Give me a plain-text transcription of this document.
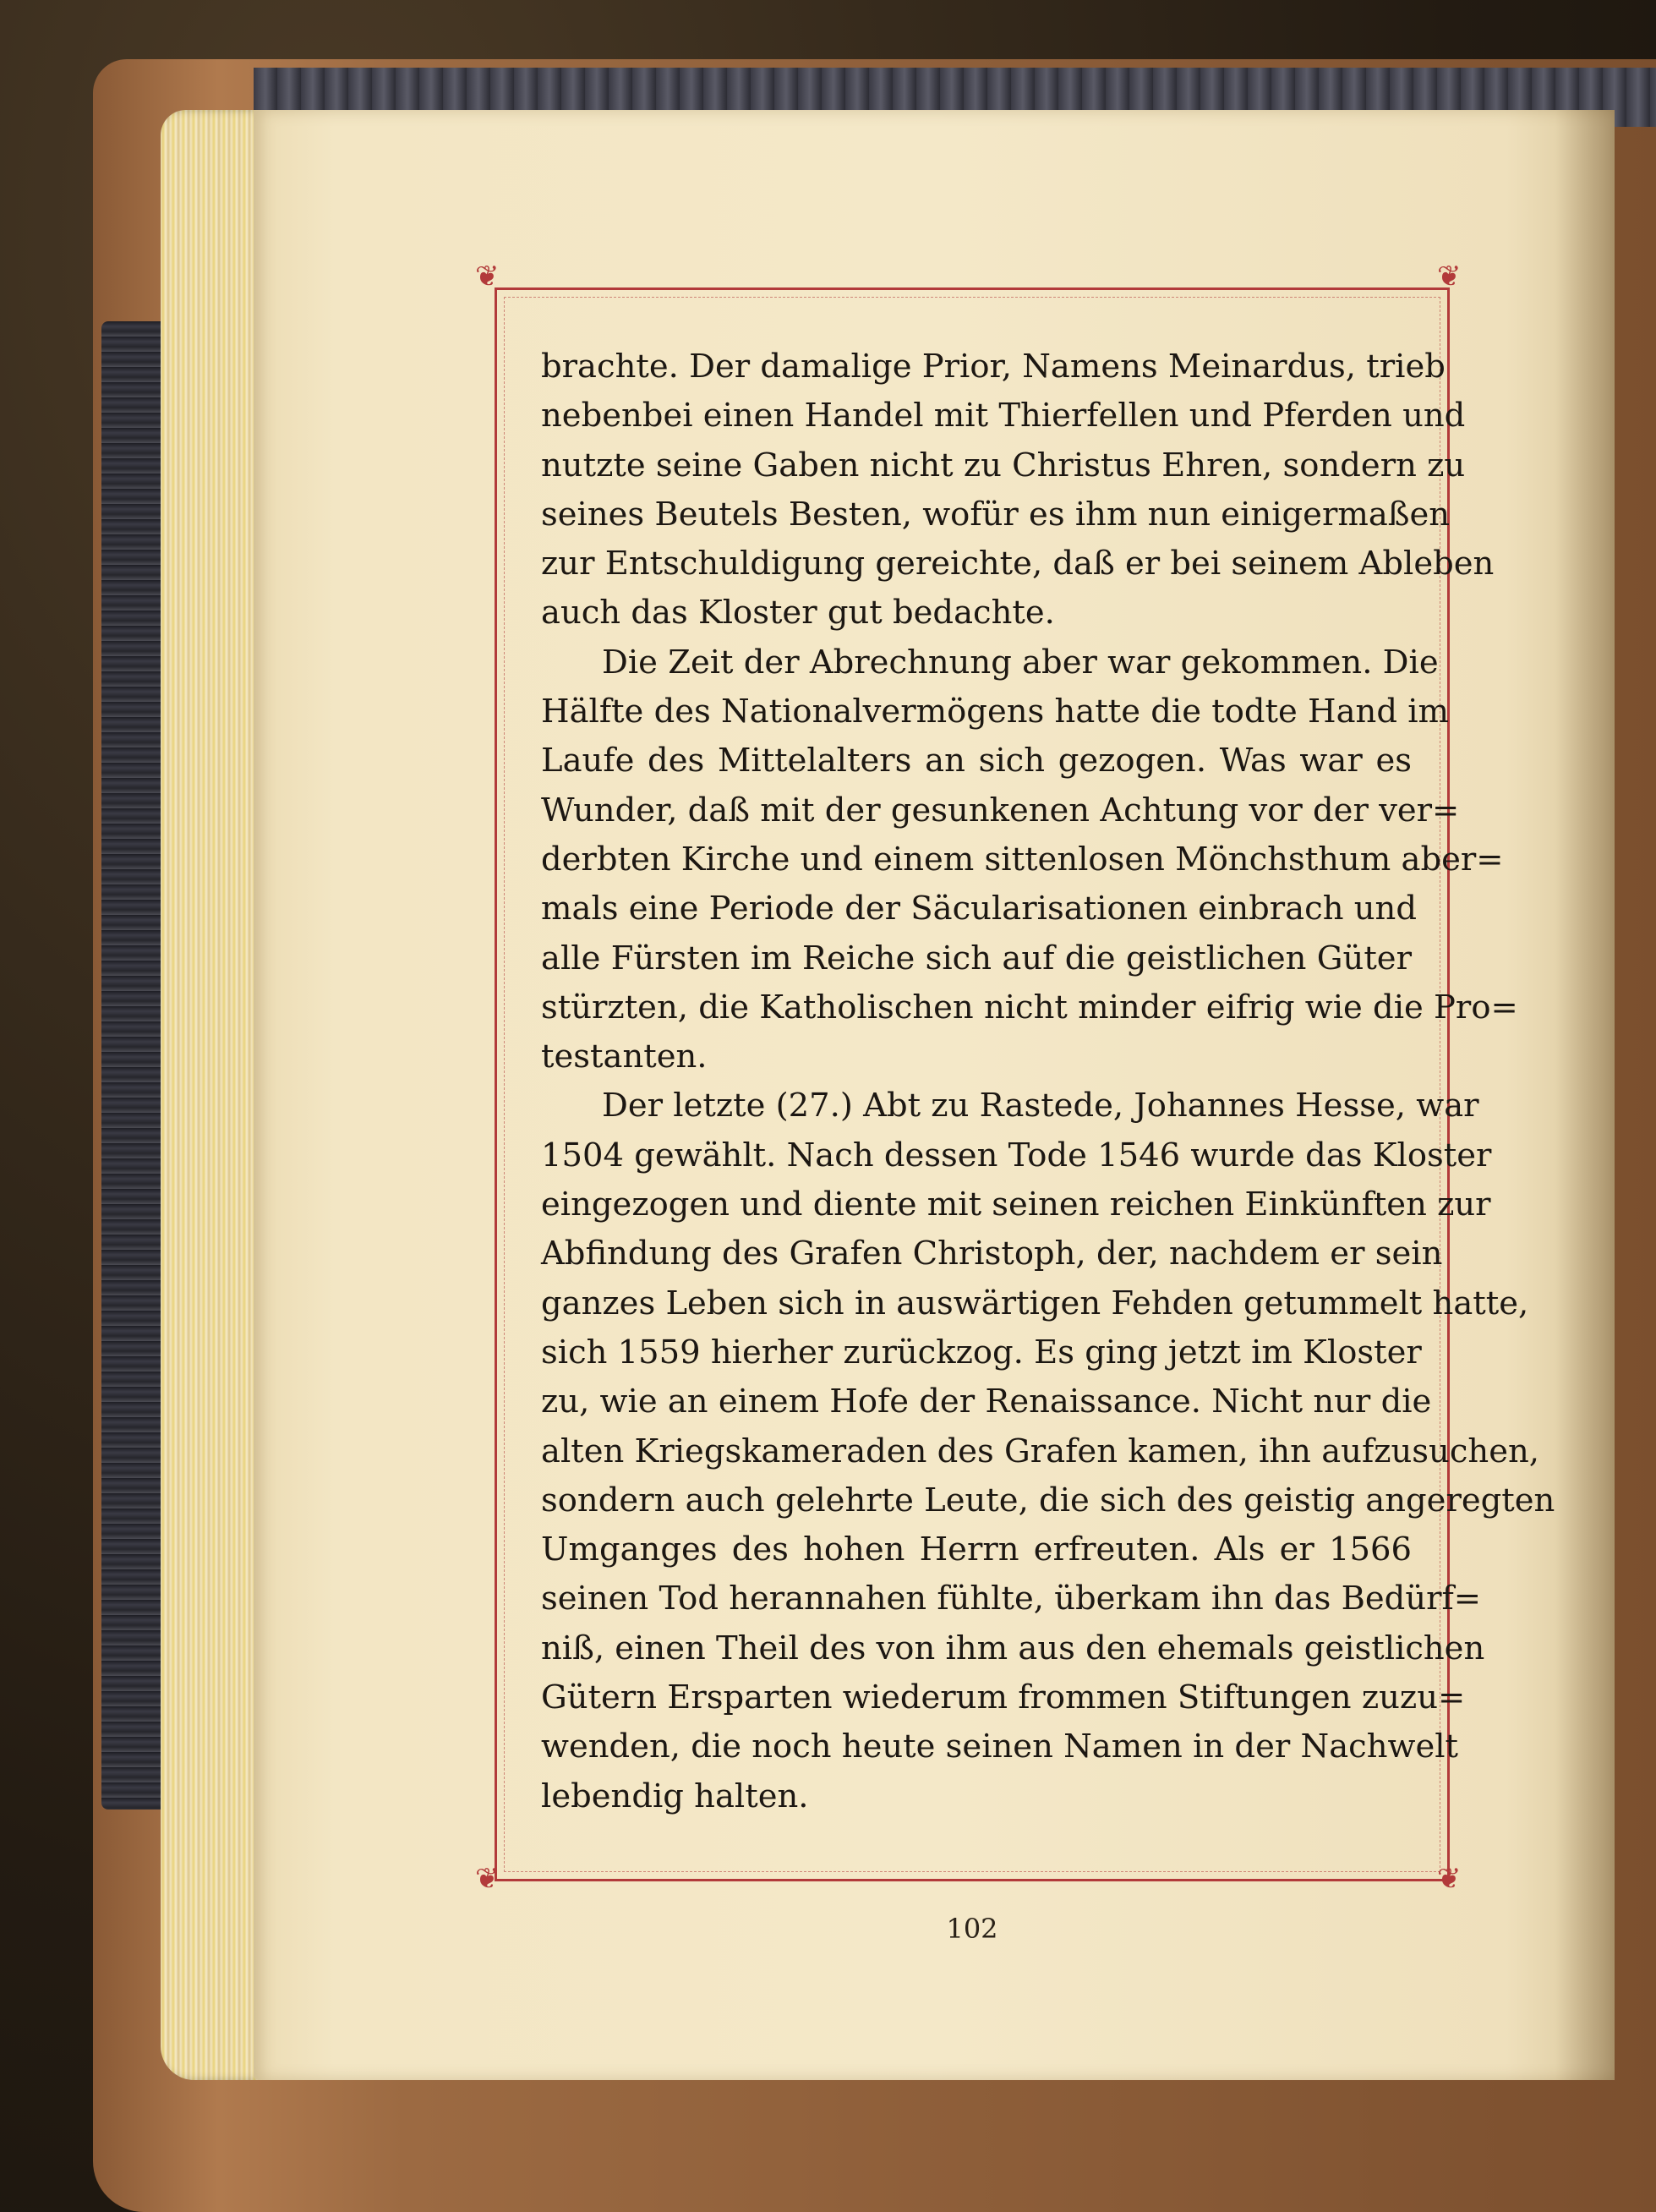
❦	❦
❦	❦
brachte. Der damalige Prior, Namens Meinardus, trieb
nebenbei einen Handel mit Thierfellen und Pferden und
nutzte seine Gaben nicht zu Christus Ehren, sondern zu
seines Beutels Besten, wofür es ihm nun einigermaßen
zur Entschuldigung gereichte, daß er bei seinem Ableben
auch das Kloster gut bedachte.
Die Zeit der Abrechnung aber war gekommen. Die
Hälfte des Nationalvermögens hatte die todte Hand im
Laufe des Mittelalters an sich gezogen. Was war es
Wunder, daß mit der gesunkenen Achtung vor der ver=
derbten Kirche und einem sittenlosen Mönchsthum aber=
mals eine Periode der Säcularisationen einbrach und
alle Fürsten im Reiche sich auf die geistlichen Güter
stürzten, die Katholischen nicht minder eifrig wie die Pro=
testanten.
Der letzte (27.) Abt zu Rastede, Johannes Hesse, war
1504 gewählt. Nach dessen Tode 1546 wurde das Kloster
eingezogen und diente mit seinen reichen Einkünften zur
Abfindung des Grafen Christoph, der, nachdem er sein
ganzes Leben sich in auswärtigen Fehden getummelt hatte,
sich 1559 hierher zurückzog. Es ging jetzt im Kloster
zu, wie an einem Hofe der Renaissance. Nicht nur die
alten Kriegskameraden des Grafen kamen, ihn aufzusuchen,
sondern auch gelehrte Leute, die sich des geistig angeregten
Umganges des hohen Herrn erfreuten. Als er 1566
seinen Tod herannahen fühlte, überkam ihn das Bedürf=
niß, einen Theil des von ihm aus den ehemals geistlichen
Gütern Ersparten wiederum frommen Stiftungen zuzu=
wenden, die noch heute seinen Namen in der Nachwelt
lebendig halten.
102
